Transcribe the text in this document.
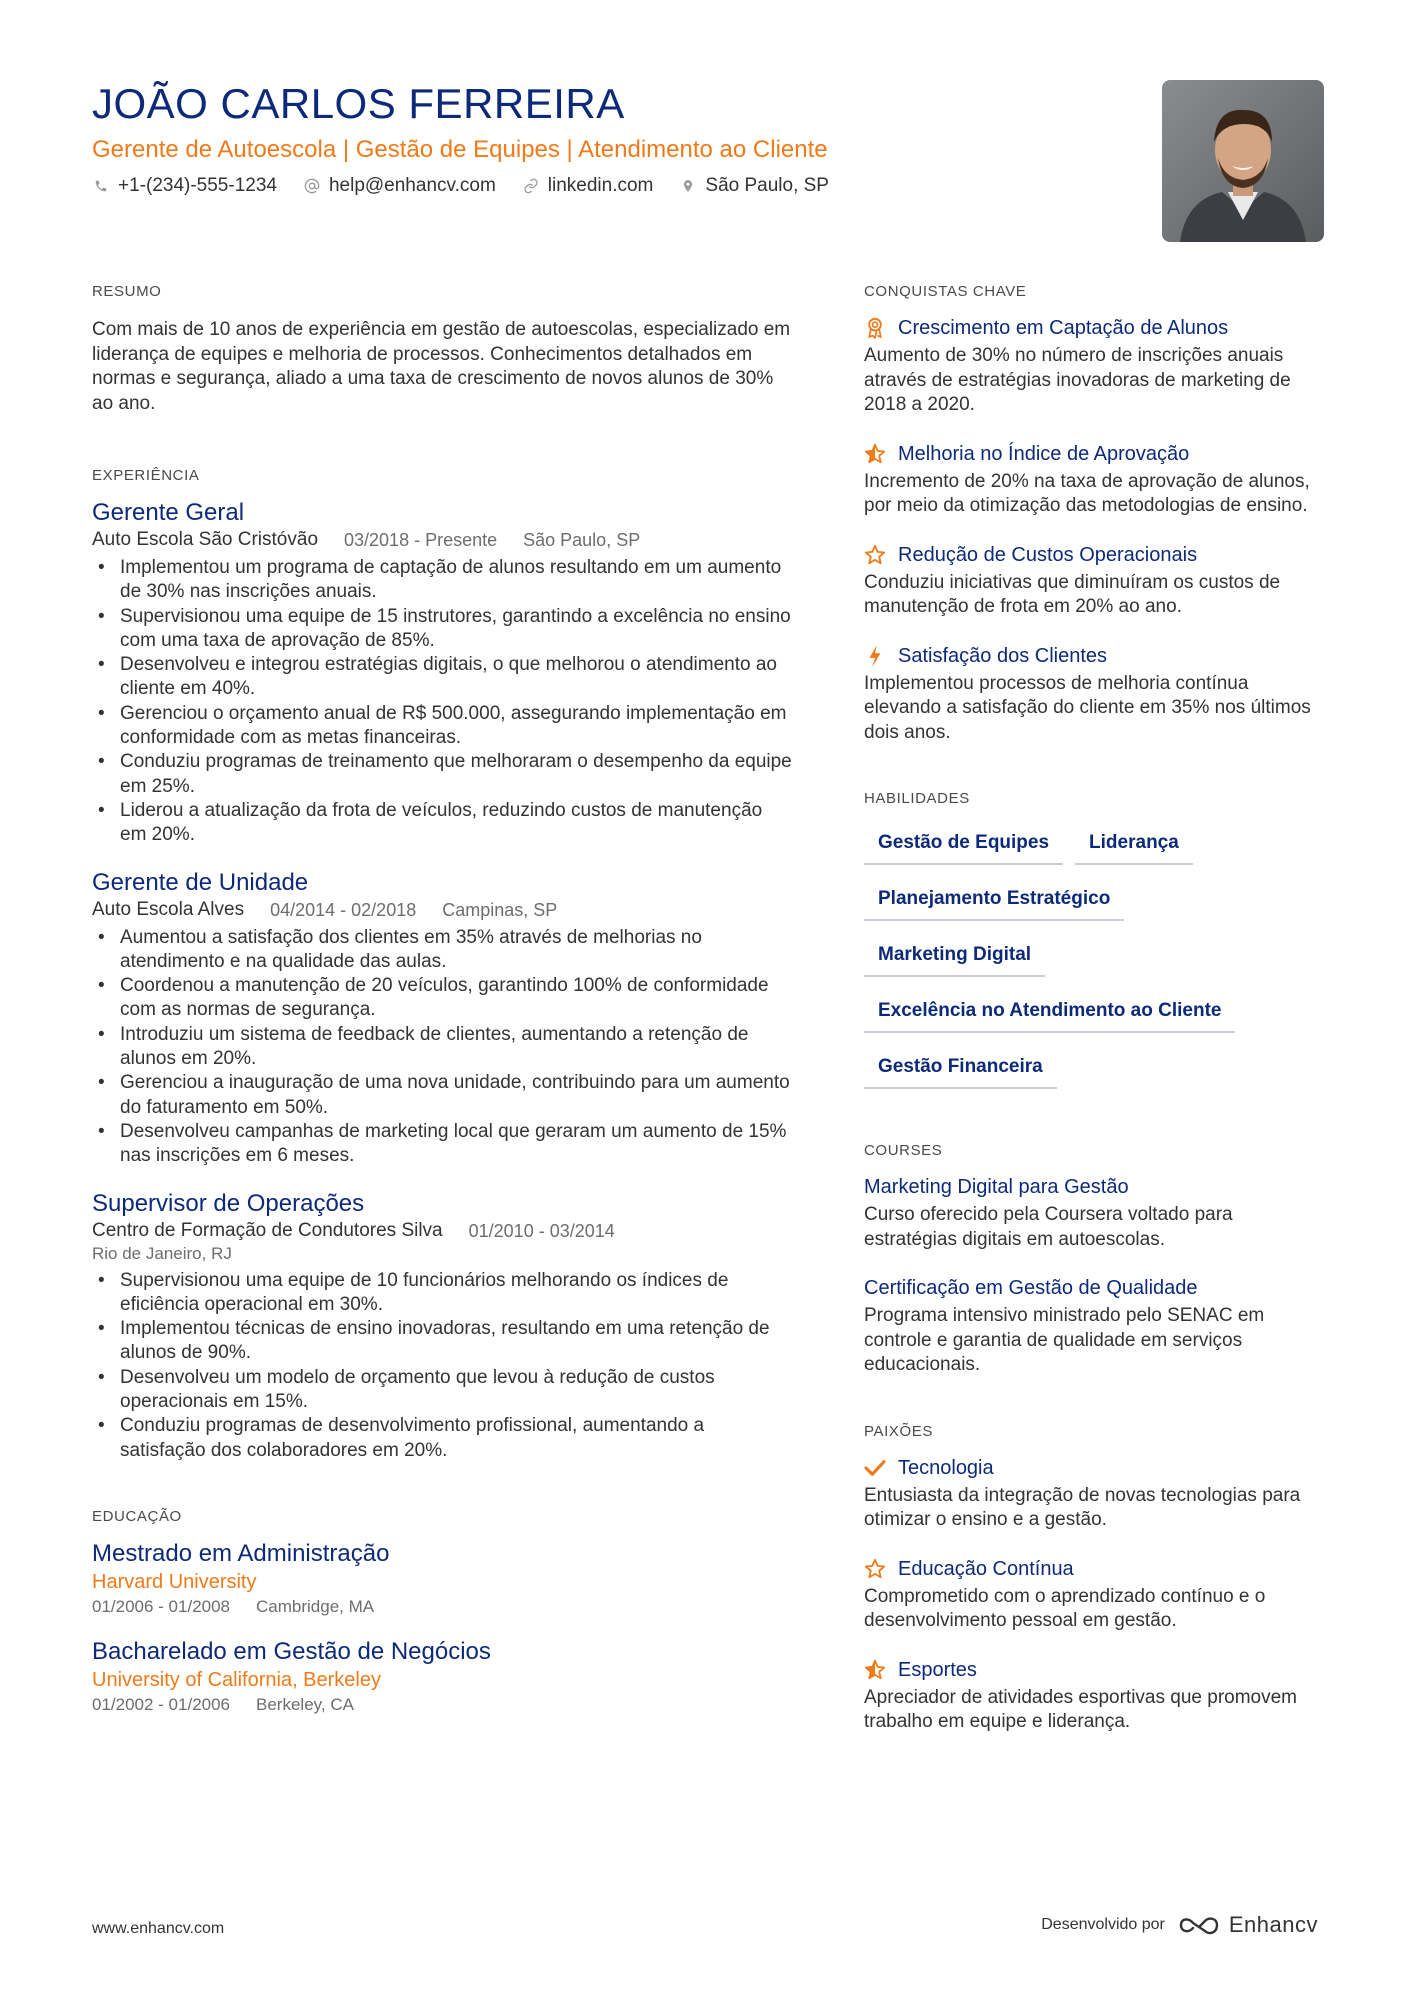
JOÃO CARLOS FERREIRA
Gerente de Autoescola | Gestão de Equipes | Atendimento ao Cliente
+1-(234)-555-1234	help@enhancv.com	linkedin.com	São Paulo, SP
RESUMO
Com mais de 10 anos de experiência em gestão de autoescolas, especializado em liderança de equipes e melhoria de processos. Conhecimentos detalhados em normas e segurança, aliado a uma taxa de crescimento de novos alunos de 30% ao ano.
EXPERIÊNCIA
Gerente Geral
Auto Escola São Cristóvão 03/2018 - Presente São Paulo, SP
• Implementou um programa de captação de alunos resultando em um aumento de 30% nas inscrições anuais.
• Supervisionou uma equipe de 15 instrutores, garantindo a excelência no ensino com uma taxa de aprovação de 85%.
• Desenvolveu e integrou estratégias digitais, o que melhorou o atendimento ao cliente em 40%.
• Gerenciou o orçamento anual de R$ 500.000, assegurando implementação em conformidade com as metas financeiras.
• Conduziu programas de treinamento que melhoraram o desempenho da equipe em 25%.
• Liderou a atualização da frota de veículos, reduzindo custos de manutenção em 20%.
Gerente de Unidade
Auto Escola Alves 04/2014 - 02/2018 Campinas, SP
• Aumentou a satisfação dos clientes em 35% através de melhorias no atendimento e na qualidade das aulas.
• Coordenou a manutenção de 20 veículos, garantindo 100% de conformidade com as normas de segurança.
• Introduziu um sistema de feedback de clientes, aumentando a retenção de alunos em 20%.
• Gerenciou a inauguração de uma nova unidade, contribuindo para um aumento do faturamento em 50%.
• Desenvolveu campanhas de marketing local que geraram um aumento de 15% nas inscrições em 6 meses.
Supervisor de Operações
Centro de Formação de Condutores Silva 01/2010 - 03/2014
Rio de Janeiro, RJ
• Supervisionou uma equipe de 10 funcionários melhorando os índices de eficiência operacional em 30%.
• Implementou técnicas de ensino inovadoras, resultando em uma retenção de alunos de 90%.
• Desenvolveu um modelo de orçamento que levou à redução de custos operacionais em 15%.
• Conduziu programas de desenvolvimento profissional, aumentando a satisfação dos colaboradores em 20%.
EDUCAÇÃO
Mestrado em Administração
Harvard University
01/2006 - 01/2008 Cambridge, MA
Bacharelado em Gestão de Negócios
University of California, Berkeley
01/2002 - 01/2006 Berkeley, CA
CONQUISTAS CHAVE
Crescimento em Captação de Alunos
Aumento de 30% no número de inscrições anuais através de estratégias inovadoras de marketing de 2018 a 2020.
Melhoria no Índice de Aprovação
Incremento de 20% na taxa de aprovação de alunos, por meio da otimização das metodologias de ensino.
Redução de Custos Operacionais
Conduziu iniciativas que diminuíram os custos de manutenção de frota em 20% ao ano.
Satisfação dos Clientes
Implementou processos de melhoria contínua elevando a satisfação do cliente em 35% nos últimos dois anos.
HABILIDADES
Gestão de Equipes	Liderança
Planejamento Estratégico
Marketing Digital
Excelência no Atendimento ao Cliente
Gestão Financeira
COURSES
Marketing Digital para Gestão
Curso oferecido pela Coursera voltado para estratégias digitais em autoescolas.
Certificação em Gestão de Qualidade
Programa intensivo ministrado pelo SENAC em controle e garantia de qualidade em serviços educacionais.
PAIXÕES
Tecnologia
Entusiasta da integração de novas tecnologias para otimizar o ensino e a gestão.
Educação Contínua
Comprometido com o aprendizado contínuo e o desenvolvimento pessoal em gestão.
Esportes
Apreciador de atividades esportivas que promovem trabalho em equipe e liderança.
www.enhancv.com	Desenvolvido por	Enhancv
